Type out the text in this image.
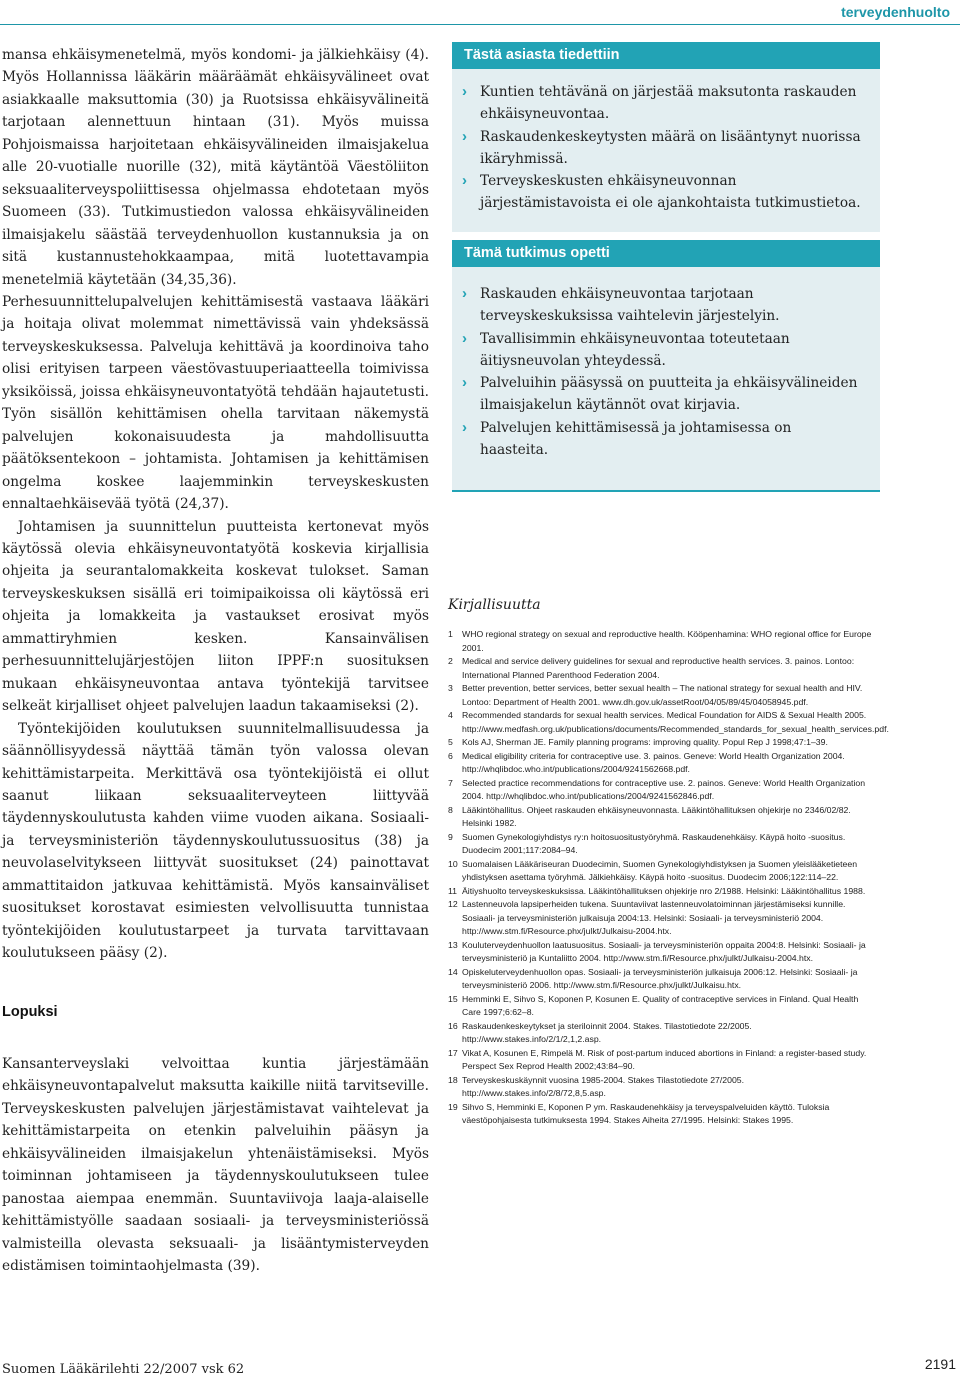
terveydenhuolto

mansa ehkäisymenetelmä, myös kondomi- ja jälkiehkäisy (4). Myös Hollannissa lääkärin määräämät ehkäisyvälineet ovat asiakkaalle maksuttomia (30) ja Ruotsissa ehkäisyvälineitä tarjotaan alennettuun hintaan (31). Myös muissa Pohjoismaissa harjoitetaan ehkäisyvälineiden ilmaisjakelua alle 20-vuotialle nuorille (32), mitä käytäntöä Väestöliiton seksuaaliterveyspoliittisessa ohjelmassa ehdotetaan myös Suomeen (33). Tutkimustiedon valossa ehkäisyvälineiden ilmaisjakelu säästää terveydenhuollon kustannuksia ja on sitä kustannustehokkaampaa, mitä luotettavampia menetelmiä käytetään (34,35,36).

Perhesuunnittelupalvelujen kehittämisestä vastaava lääkäri ja hoitaja olivat molemmat nimettävissä vain yhdeksässä terveyskeskuksessa. Palveluja kehittävä ja koordinoiva taho olisi erityisen tarpeen väestövastuuperiaatteella toimivissa yksiköissä, joissa ehkäisyneuvontatyötä tehdään hajautetusti. Työn sisällön kehittämisen ohella tarvitaan näkemystä palvelujen kokonaisuudesta ja mahdollisuutta päätöksentekoon – johtamista. Johtamisen ja kehittämisen ongelma koskee laajemminkin terveyskeskusten ennaltaehkäisevää työtä (24,37).

Johtamisen ja suunnittelun puutteista kertonevat myös käytössä olevia ehkäisyneuvontatyötä koskevia kirjallisia ohjeita ja seurantalomakkeita koskevat tulokset. Saman terveyskeskuksen sisällä eri toimipaikoissa oli käytössä eri ohjeita ja lomakkeita ja vastaukset erosivat myös ammattiryhmien kesken. Kansainvälisen perhesuunnittelujärjestöjen liiton IPPF:n suosituksen mukaan ehkäisyneuvontaa antava työntekijä tarvitsee selkeät kirjalliset ohjeet palvelujen laadun takaamiseksi (2).

Työntekijöiden koulutuksen suunnitelmallisuudessa ja säännöllisyydessä näyttää tämän työn valossa olevan kehittämistarpeita. Merkittävä osa työntekijöistä ei ollut saanut liikaan seksuaaliterveyteen liittyvää täydennyskoulutusta kahden viime vuoden aikana. Sosiaali- ja terveysministeriön täydennyskoulutussuositus (38) ja neuvolaselvitykseen liittyvät suositukset (24) painottavat ammattitaidon jatkuvaa kehittämistä. Myös kansainväliset suositukset korostavat esimiesten velvollisuutta tunnistaa työntekijöiden koulutustarpeet ja turvata tarvittavaan koulutukseen pääsy (2).

Lopuksi

Kansanterveyslaki velvoittaa kuntia järjestämään ehkäisyneuvontapalvelut maksutta kaikille niitä tarvitseville. Terveyskeskusten palvelujen järjestämistavat vaihtelevat ja kehittämistarpeita on etenkin palveluihin pääsyn ja ehkäisyvälineiden ilmaisjakelun yhtenäistämiseksi. Myös toiminnan johtamiseen ja täydennyskoulutukseen tulee panostaa aiempaa enemmän. Suuntaviivoja laaja-alaiselle kehittämistyölle saadaan sosiaali- ja terveysministeriössä valmisteilla olevasta seksuaali- ja lisääntymisterveyden edistämisen toimintaohjelmasta (39).

Tästä asiasta tiedettiin
› Kuntien tehtävänä on järjestää maksutonta raskauden ehkäisyneuvontaa.
› Raskaudenkeskeytysten määrä on lisääntynyt nuorissa ikäryhmissä.
› Terveyskeskusten ehkäisyneuvonnan järjestämistavoista ei ole ajankohtaista tutkimustietoa.
Tämä tutkimus opetti
› Raskauden ehkäisyneuvontaa tarjotaan terveyskeskuksissa vaihtelevin järjestelyin.
› Tavallisimmin ehkäisyneuvontaa toteutetaan äitiysneuvolan yhteydessä.
› Palveluihin pääsyssä on puutteita ja ehkäisyvälineiden ilmaisjakelun käytännöt ovat kirjavia.
› Palvelujen kehittämisessä ja johtamisessa on haasteita.
Kirjallisuutta
1 WHO regional strategy on sexual and reproductive health. Kööpenhamina: WHO regional office for Europe 2001.
2 Medical and service delivery guidelines for sexual and reproductive health services. 3. painos. Lontoo: International Planned Parenthood Federation 2004.
3 Better prevention, better services, better sexual health – The national strategy for sexual health and HIV. Lontoo: Department of Health 2001. www.dh.gov.uk/assetRoot/04/05/89/45/04058945.pdf.
4 Recommended standards for sexual health services. Medical Foundation for AIDS & Sexual Health 2005. http://www.medfash.org.uk/publications/documents/Recommended_standards_for_sexual_health_services.pdf.
5 Kols AJ, Sherman JE. Family planning programs: improving quality. Popul Rep J 1998;47:1–39.
6 Medical eligibility criteria for contraceptive use. 3. painos. Geneve: World Health Organization 2004. http://whqlibdoc.who.int/publications/2004/9241562668.pdf.
7 Selected practice recommendations for contraceptive use. 2. painos. Geneve: World Health Organization 2004. http://whqlibdoc.who.int/publications/2004/9241562846.pdf.
8 Lääkintöhallitus. Ohjeet raskauden ehkäisyneuvonnasta. Lääkintöhallituksen ohjekirje no 2346/02/82. Helsinki 1982.
9 Suomen Gynekologiyhdistys ry:n hoitosuositustyöryhmä. Raskaudenehkäisy. Käypä hoito -suositus. Duodecim 2001;117:2084–94.
10 Suomalaisen Lääkäriseuran Duodecimin, Suomen Gynekologiyhdistyksen ja Suomen yleislääketieteen yhdistyksen asettama työryhmä. Jälkiehkäisy. Käypä hoito -suositus. Duodecim 2006;122:114–22.
11 Äitiyshuolto terveyskeskuksissa. Lääkintöhallituksen ohjekirje nro 2/1988. Helsinki: Lääkintöhallitus 1988.
12 Lastenneuvola lapsiperheiden tukena. Suuntaviivat lastenneuvolatoiminnan järjestämiseksi kunnille. Sosiaali- ja terveysministeriön julkaisuja 2004:13. Helsinki: Sosiaali- ja terveysministeriö 2004. http://www.stm.fi/Resource.phx/julkt/Julkaisu-2004.htx.
13 Kouluterveydenhuollon laatusuositus. Sosiaali- ja terveysministeriön oppaita 2004:8. Helsinki: Sosiaali- ja terveysministeriö ja Kuntaliitto 2004. http://www.stm.fi/Resource.phx/julkt/Julkaisu-2004.htx.
14 Opiskeluterveydenhuollon opas. Sosiaali- ja terveysministeriön julkaisuja 2006:12. Helsinki: Sosiaali- ja terveysministeriö 2006. http://www.stm.fi/Resource.phx/julkt/Julkaisu.htx.
15 Hemminki E, Sihvo S, Koponen P, Kosunen E. Quality of contraceptive services in Finland. Qual Health Care 1997;6:62–8.
16 Raskaudenkeskeytykset ja steriloinnit 2004. Stakes. Tilastotiedote 22/2005. http://www.stakes.info/2/1/2,1,2.asp.
17 Vikat A, Kosunen E, Rimpelä M. Risk of post-partum induced abortions in Finland: a register-based study. Perspect Sex Reprod Health 2002;43:84–90.
18 Terveyskeskuskäynnit vuosina 1985-2004. Stakes Tilastotiedote 27/2005. http://www.stakes.info/2/8/72,8,5.asp.
19 Sihvo S, Hemminki E, Koponen P ym. Raskaudenehkäisy ja terveyspalveluiden käyttö. Tuloksia väestöpohjaisesta tutkimuksesta 1994. Stakes Aiheita 27/1995. Helsinki: Stakes 1995.
Suomen Lääkärilehti 22/2007 vsk 62	2191
